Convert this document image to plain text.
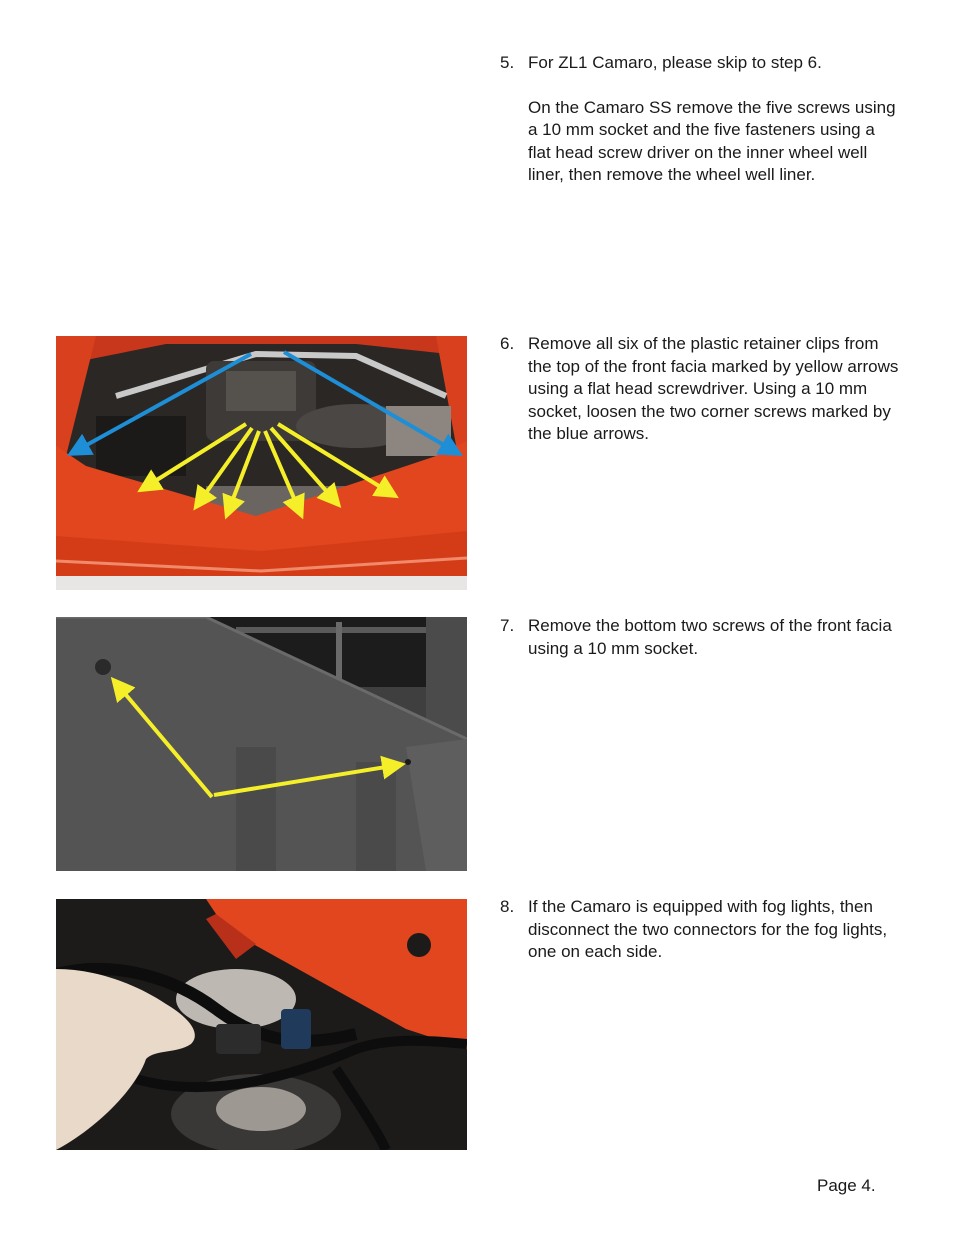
5. For ZL1 Camaro, please skip to step 6.

On the Camaro SS remove the five screws using a 10 mm socket and the five fasteners using a flat head screw driver on the inner wheel well liner, then remove the wheel well liner.

6. Remove all six of the plastic retainer clips from the top of the front facia marked by yellow arrows using a flat head screwdriver. Using a 10 mm socket, loosen the two corner screws marked by the blue arrows.

7. Remove the bottom two screws of the front facia using a 10 mm socket.

8. If the Camaro is equipped with fog lights, then disconnect the two connectors for the fog lights, one on each side.

Page 4.
